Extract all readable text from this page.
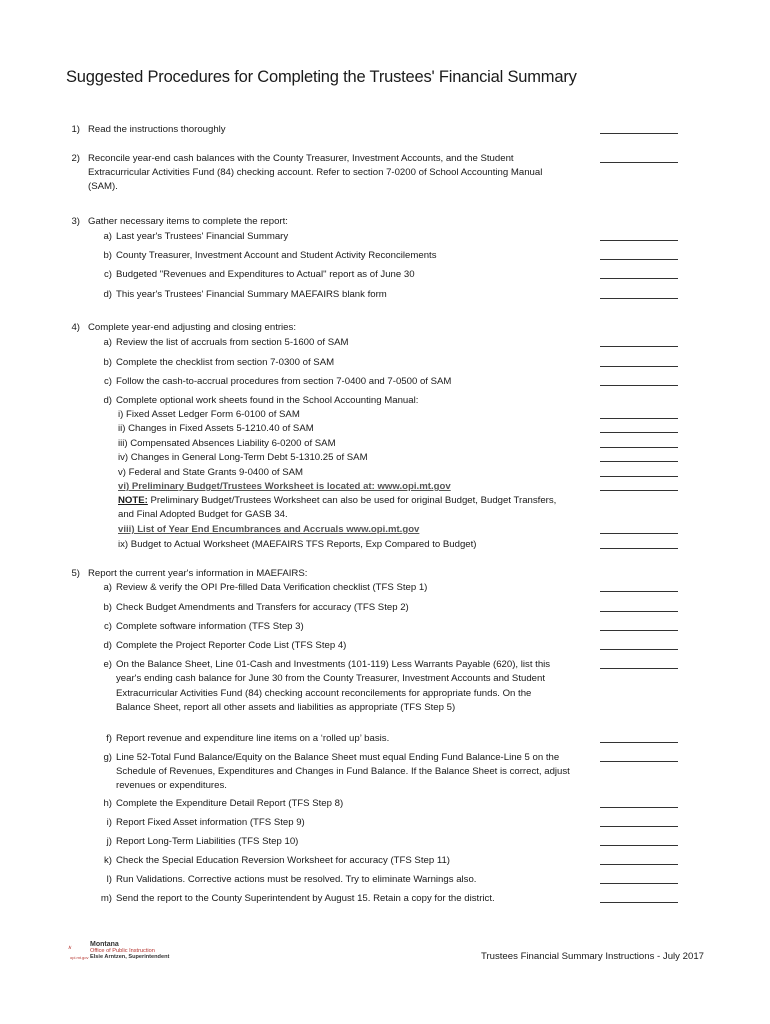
Suggested Procedures for Completing the Trustees' Financial Summary
1) Read the instructions thoroughly
2) Reconcile year-end cash balances with the County Treasurer, Investment Accounts, and the Student
Extracurricular Activities Fund (84) checking account. Refer to section 7-0200 of School Accounting Manual
(SAM).
3) Gather necessary items to complete the report:
a) Last year's Trustees' Financial Summary
b) County Treasurer, Investment Account and Student Activity Reconcilements
c) Budgeted "Revenues and Expenditures to Actual" report as of June 30
d) This year's Trustees' Financial Summary MAEFAIRS blank form
4) Complete year-end adjusting and closing entries:
a) Review the list of accruals from section 5-1600 of SAM
b) Complete the checklist from section 7-0300 of SAM
c) Follow the cash-to-accrual procedures from section 7-0400 and 7-0500 of SAM
d) Complete optional work sheets found in the School Accounting Manual:
i) Fixed Asset Ledger Form 6-0100 of SAM
ii) Changes in Fixed Assets 5-1210.40 of SAM
iii) Compensated Absences Liability 6-0200 of SAM
iv) Changes in General Long-Term Debt 5-1310.25 of SAM
v) Federal and State Grants 9-0400 of SAM
vi) Preliminary Budget/Trustees Worksheet is located at: www.opi.mt.gov
NOTE: Preliminary Budget/Trustees Worksheet can also be used for original Budget, Budget Transfers,
and Final Adopted Budget for GASB 34.
viii) List of Year End Encumbrances and Accruals www.opi.mt.gov
ix) Budget to Actual Worksheet (MAEFAIRS TFS Reports, Exp Compared to Budget)
5) Report the current year's information in MAEFAIRS:
a) Review & verify the OPI Pre-filled Data Verification checklist (TFS Step 1)
b) Check Budget Amendments and Transfers for accuracy (TFS Step 2)
c) Complete software information (TFS Step 3)
d) Complete the Project Reporter Code List (TFS Step 4)
e) On the Balance Sheet, Line 01-Cash and Investments (101-119) Less Warrants Payable (620), list this
year's ending cash balance for June 30 from the County Treasurer, Investment Accounts and Student
Extracurricular Activities Fund (84) checking account reconcilements for appropriate funds. On the
Balance Sheet, report all other assets and liabilities as appropriate (TFS Step 5)
f) Report revenue and expenditure line items on a ‘rolled up’ basis.
g) Line 52-Total Fund Balance/Equity on the Balance Sheet must equal Ending Fund Balance-Line 5 on the
Schedule of Revenues, Expenditures and Changes in Fund Balance. If the Balance Sheet is correct, adjust
revenues or expenditures.
h) Complete the Expenditure Detail Report (TFS Step 8)
i) Report Fixed Asset information (TFS Step 9)
j) Report Long-Term Liabilities (TFS Step 10)
k) Check the Special Education Reversion Worksheet for accuracy (TFS Step 11)
l) Run Validations. Corrective actions must be resolved. Try to eliminate Warnings also.
m) Send the report to the County Superintendent by August 15. Retain a copy for the district.
+	Montana
Office of Public Instruction
Elsie Arntzen, Superintendent
opi.mt.gov	Trustees Financial Summary Instructions - July 2017
